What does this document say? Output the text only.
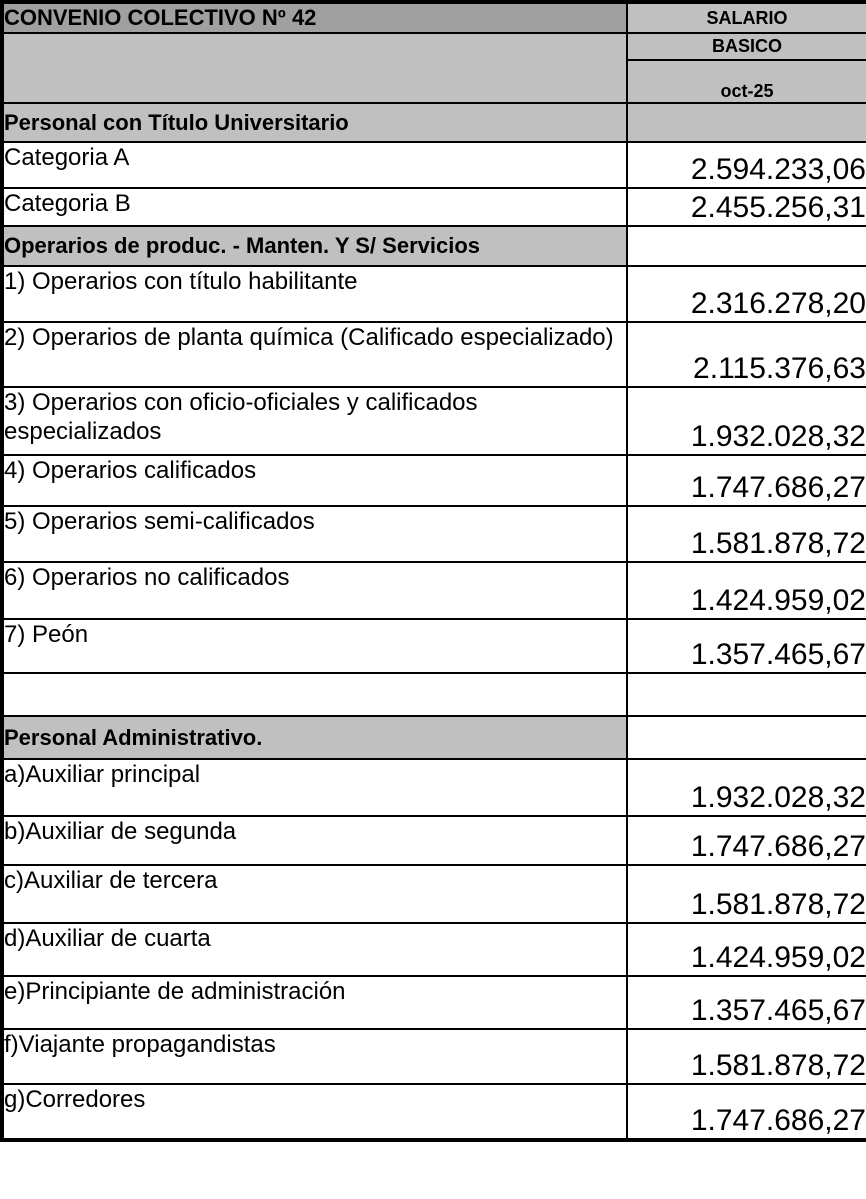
CONVENIO COLECTIVO Nº 42	SALARIO
	BASICO
	oct-25
Personal con Título Universitario	
Categoria A	2.594.233,06
Categoria B	2.455.256,31
Operarios de produc. - Manten. Y S/ Servicios	
1) Operarios con título habilitante	2.316.278,20
2) Operarios de planta química (Calificado especializado)	2.115.376,63
3) Operarios con oficio-oficiales y calificados especializados	1.932.028,32
4) Operarios calificados	1.747.686,27
5) Operarios semi-calificados	1.581.878,72
6) Operarios no calificados	1.424.959,02
7) Peón	1.357.465,67

Personal Administrativo.	
a)Auxiliar principal	1.932.028,32
b)Auxiliar de segunda	1.747.686,27
c)Auxiliar de tercera	1.581.878,72
d)Auxiliar de cuarta	1.424.959,02
e)Principiante de administración	1.357.465,67
f)Viajante propagandistas	1.581.878,72
g)Corredores	1.747.686,27
